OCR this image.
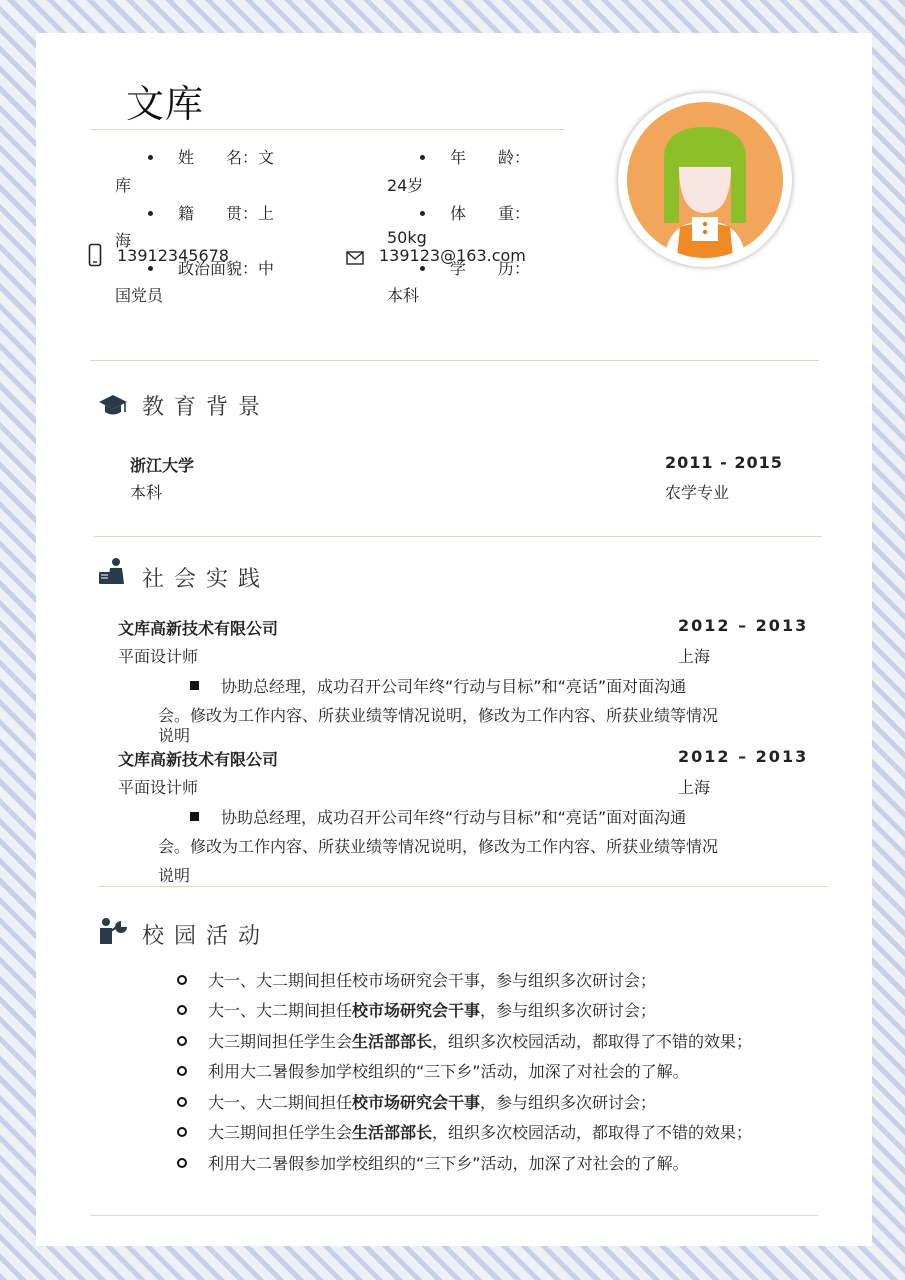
文库
姓　　名：文
库
年　　龄：
24岁
籍　　贯：上
海
体　　重：
50kg
政治面貌：中
国党员
学　　历：
本科
13912345678	139123@163.com
教育背景
浙江大学	2011 - 2015
本科	农学专业
社会实践
文库高新技术有限公司	2012 – 2013
平面设计师	上海
协助总经理，成功召开公司年终“行动与目标”和“亮话”面对面沟通
会。修改为工作内容、所获业绩等情况说明，修改为工作内容、所获业绩等情况
说明
文库高新技术有限公司	2012 – 2013
平面设计师	上海
协助总经理，成功召开公司年终“行动与目标”和“亮话”面对面沟通
会。修改为工作内容、所获业绩等情况说明，修改为工作内容、所获业绩等情况
说明
校园活动
大一、大二期间担任校市场研究会干事，参与组织多次研讨会；
大一、大二期间担任校市场研究会干事，参与组织多次研讨会；
大三期间担任学生会生活部部长，组织多次校园活动，都取得了不错的效果；
利用大二暑假参加学校组织的“三下乡”活动，加深了对社会的了解。
大一、大二期间担任校市场研究会干事，参与组织多次研讨会；
大三期间担任学生会生活部部长，组织多次校园活动，都取得了不错的效果；
利用大二暑假参加学校组织的“三下乡”活动，加深了对社会的了解。
